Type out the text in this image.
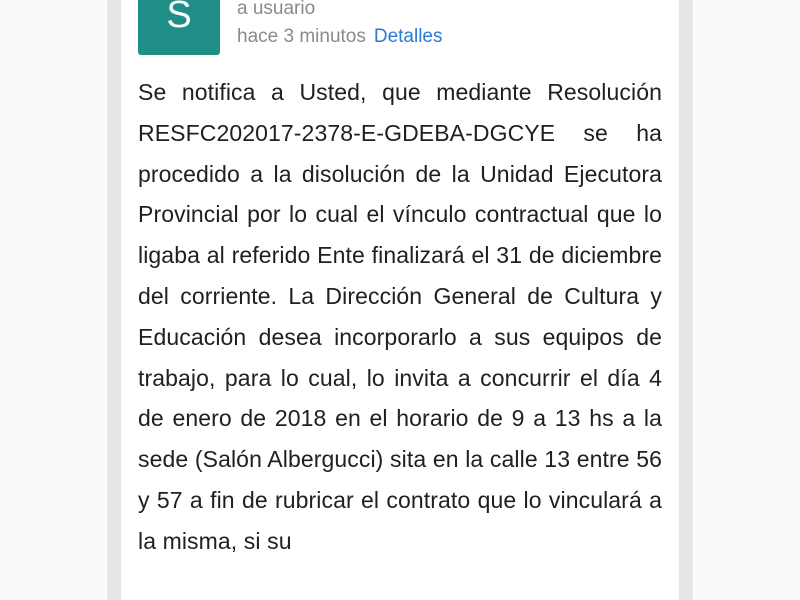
S	a usuario
hace 3 minutos Detalles

Se notifica a Usted, que mediante Resolución RESFC202017-2378-E-GDEBA-DGCYE se ha procedido a la disolución de la Unidad Ejecutora Provincial por lo cual el vínculo contractual que lo ligaba al referido Ente finalizará el 31 de diciembre del corriente. La Dirección General de Cultura y Educación desea incorporarlo a sus equipos de trabajo, para lo cual, lo invita a concurrir el día 4 de enero de 2018 en el horario de 9 a 13 hs a la sede (Salón Albergucci) sita en la calle 13 entre 56 y 57 a fin de rubricar el contrato que lo vinculará a la misma, si su
